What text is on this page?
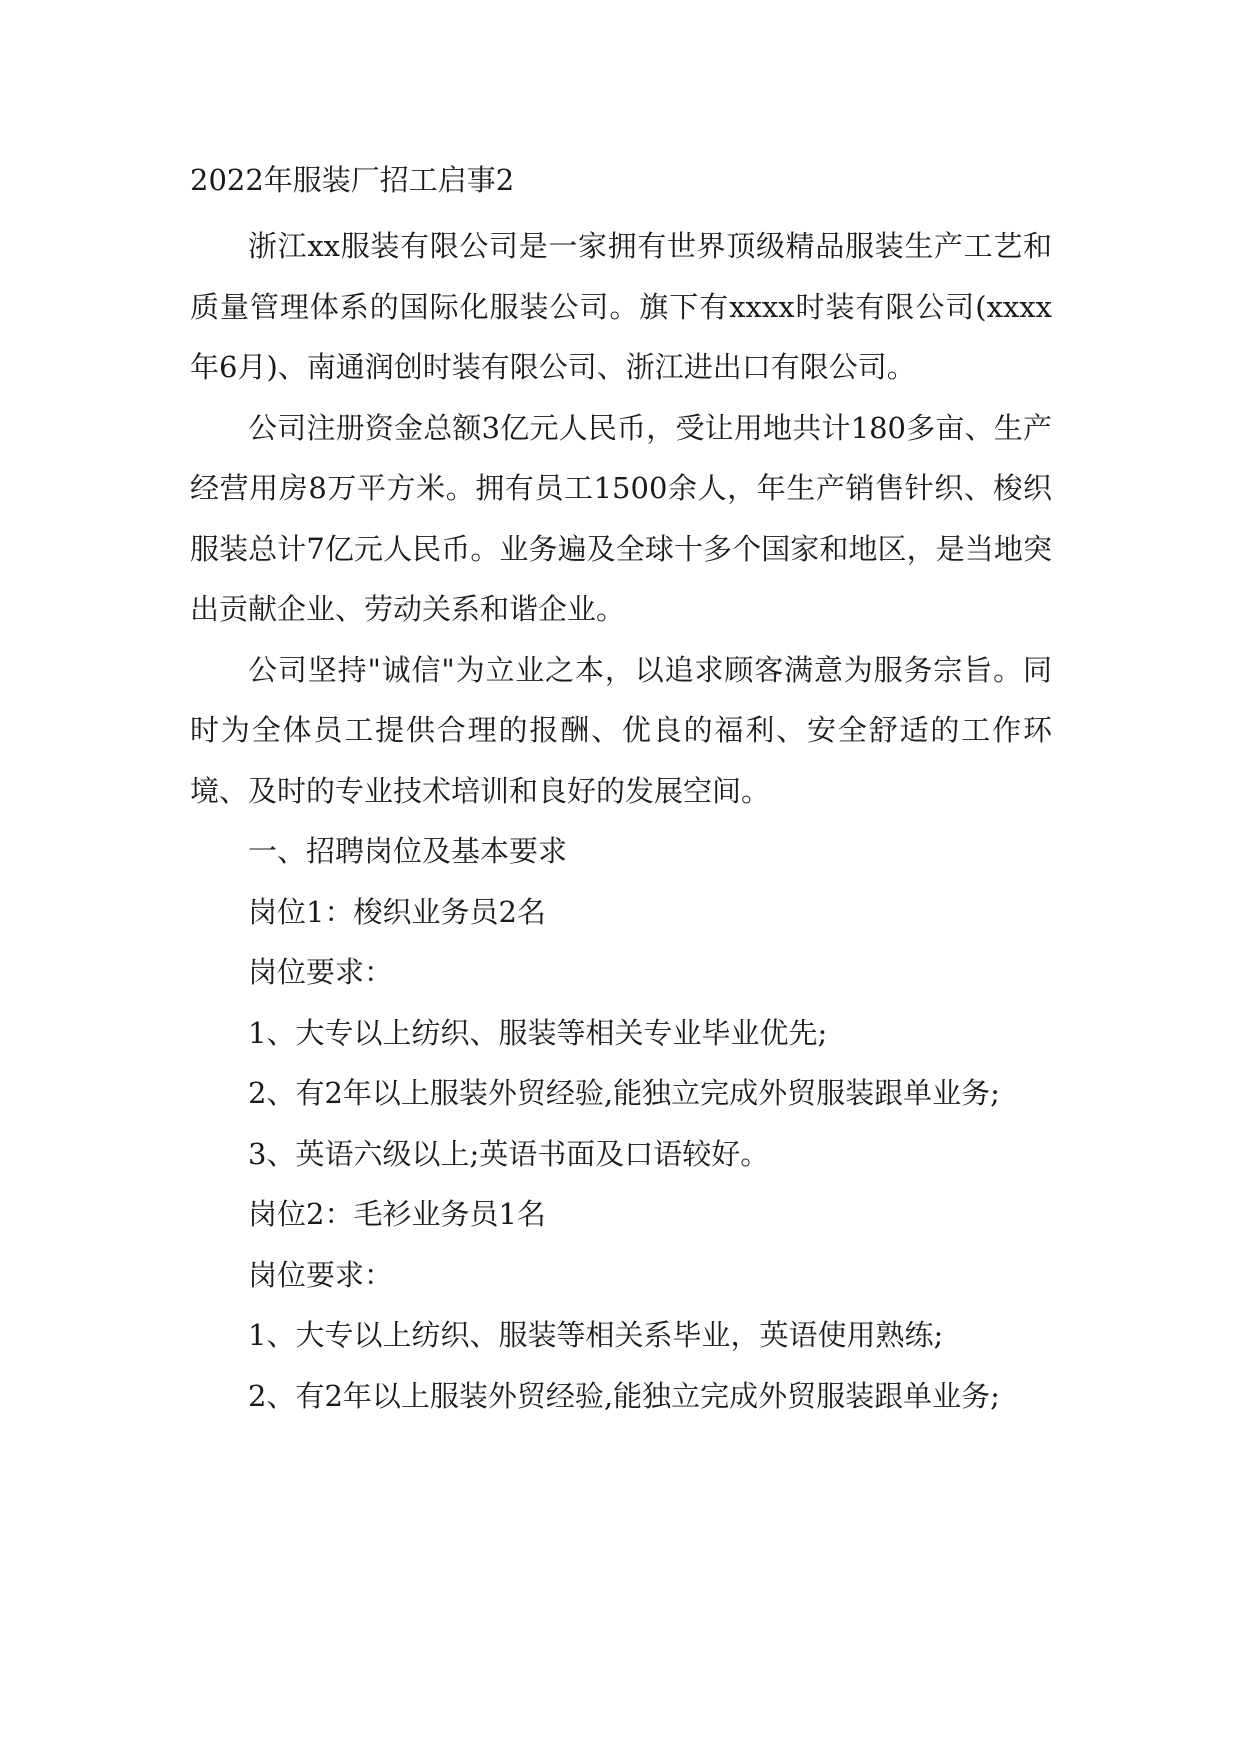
2022年服装厂招工启事2

浙江xx服装有限公司是一家拥有世界顶级精品服装生产工艺和质量管理体系的国际化服装公司。旗下有xxxx时装有限公司(xxxx年6月)、南通润创时装有限公司、浙江进出口有限公司。

公司注册资金总额3亿元人民币，受让用地共计180多亩、生产经营用房8万平方米。拥有员工1500余人，年生产销售针织、梭织服装总计7亿元人民币。业务遍及全球十多个国家和地区，是当地突出贡献企业、劳动关系和谐企业。

公司坚持"诚信"为立业之本，以追求顾客满意为服务宗旨。同时为全体员工提供合理的报酬、优良的福利、安全舒适的工作环境、及时的专业技术培训和良好的发展空间。

一、招聘岗位及基本要求

岗位1：梭织业务员2名

岗位要求：

1、大专以上纺织、服装等相关专业毕业优先;

2、有2年以上服装外贸经验,能独立完成外贸服装跟单业务;

3、英语六级以上;英语书面及口语较好。

岗位2：毛衫业务员1名

岗位要求：

1、大专以上纺织、服装等相关系毕业，英语使用熟练;

2、有2年以上服装外贸经验,能独立完成外贸服装跟单业务;
